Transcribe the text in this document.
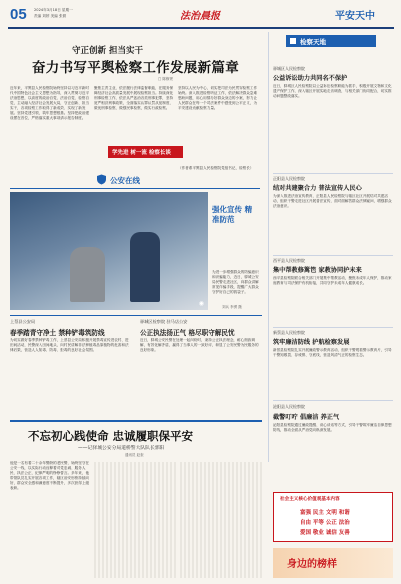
05 2024年3月18日 星期一
责编 刘婷 美编 张微	法治晨报	平安天中
守正创新 担当实干
奋力书写平舆检察工作发展新篇章
□ 陈修贤
近年来，平舆县人民检察院始终坚持以习近平新时代中国特色社会主义思想为指导，深入贯彻习近平法治思想，以高度的政治自觉、法治自觉、检察自觉，主动融入经济社会发展大局，守正创新、担当实干，各项检察工作取得了新成效、实现了新发展。坚持党建引领，筑牢思想根基。坚持把政治建设摆在首位，严格落实重大事项请示报告制度。
聚焦主责主业，依法履行法律监督职能，在服务保障经济社会高质量发展中展现检察担当。持续深化刑事检察工作，依法从严惩治各类刑事犯罪，坚持宽严相济刑事政策，全面落实认罪认罚从宽制度，做优刑事检察，做强民事检察，做实行政检察。
坚持以人民为中心，切实把司法为民贯穿检察工作始终。深入推进检察听证工作，依法解决群众急难愁盼问题，用心用情办好群众身边的小案，努力让人民群众在每一个司法案件中感受到公平正义，为平安建设贡献检察力量。
（作者系平舆县人民检察院党组书记、检察长）
学先进 树一流 检察长谈
公安在线
◉
强化宣传 精准防范
为进一步增强群众的防骗意识和识骗能力，近日，驿城公安局民警走进社区，向群众讲解常见诈骗手段，提醒广大群众守护好自己的钱袋子。
刘兵 李勇 摄
上蔡县公安局
春季踏青守净土 禁种铲毒筑防线
为切实做好春季禁种铲毒工作，上蔡县公安局积极开展禁毒宣传进农村、进田间活动，民警深入田间地头，向村民讲解非法种植毒品原植物的危害和法律后果，营造人人知毒、防毒、拒毒的良好社会氛围。
驿城区检察院 驻马店公安
公正执法扬正气 格尽职守解民忧
近日，驿城公安民警在处理一起纠纷时，秉持公正执法理念，耐心细致调解，有效化解矛盾，赢得了当事人的一致好评，彰显了公安民警为民服务的良好形象。
不忘初心践使命 忠诚履职保平安
——记驿城公安分局道桥警大队队长郭阳
通讯员 赵奎
他是一名有着二十余年警龄的老民警，始终坚守在公安一线，以实际行动诠释着对党忠诚、服务人民、执法公正、纪律严明的铮铮誓言。多年来，他带领队员扎实开展各项工作，辖区治安形势持续向好，群众安全感和满意度不断提升，多次获得上级表彰。
检察天地
驿城区人民检察院
公益诉讼助力共同名不保护
近日，驿城区人民检察院以公益诉讼检察职能为抓手，积极开展文物和文化遗产保护工作，深入辖区开展实地走访调查，与相关部门协同配合，切实推动问题整改落实。
正阳县人民检察院
结对共建聚合力 普法宣传人民心
为深入推进法治宣传教育，正阳县人民检察院与辖区社区开展结对共建活动，组织干警走进社区开展普法宣传，面对面解答群众法律疑问，增强群众法治意识。
西平县人民检察院
集中帮教修篱笆 家教协同护未来
西平县检察院联合相关部门开展集中帮教活动，聚焦未成年人保护，推动家庭教育与司法保护有机衔接，共同守护未成年人健康成长。
新蔡县人民检察院
筑牢廉洁防线 护航检察发展
新蔡县检察院扎实开展廉政警示教育活动，组织干警观看警示教育片，引导干警知敬畏、存戒惧、守底线，营造风清气正的检察生态。
泌阳县人民检察院
截警叮咛 倡廉洁 养正气
泌阳县检察院通过廉政提醒、谈心谈话等方式，引导干警筑牢廉洁自律思想防线，推动全面从严治党向纵深发展。
社会主义核心价值观基本内容
富强 民主 文明 和谐
自由 平等 公正 法治
爱国 敬业 诚信 友善
身边的榜样
